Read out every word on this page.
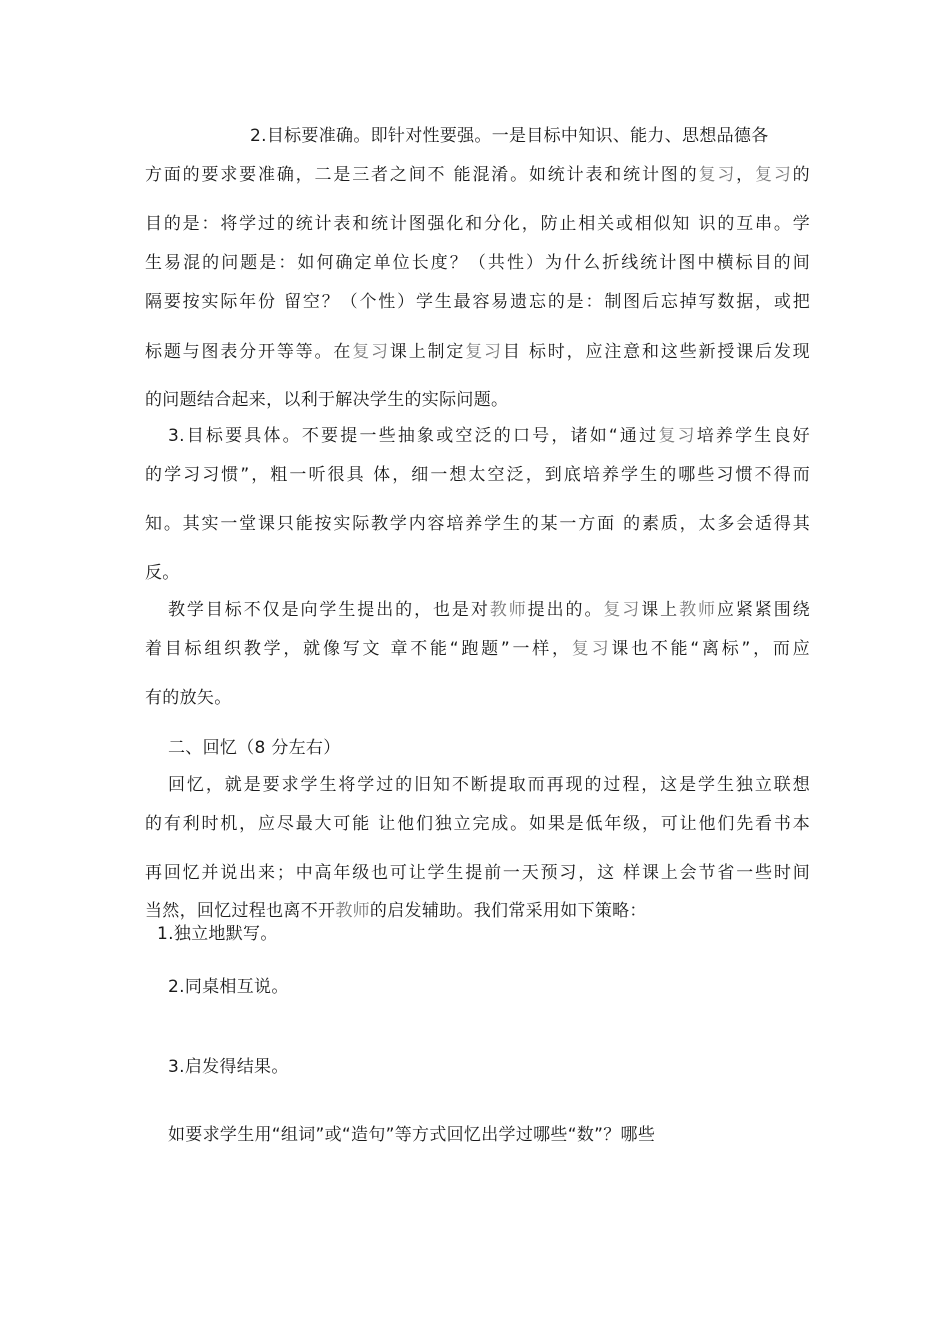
2.目标要准确。即针对性要强。一是目标中知识、能力、思想品德各
方面的要求要准确，二是三者之间不 能混淆。如统计表和统计图的复习，复习的
目的是：将学过的统计表和统计图强化和分化，防止相关或相似知 识的互串。学
生易混的问题是：如何确定单位长度？（共性）为什么折线统计图中横标目的间
隔要按实际年份 留空？（个性）学生最容易遗忘的是：制图后忘掉写数据，或把
标题与图表分开等等。在复习课上制定复习目 标时，应注意和这些新授课后发现
的问题结合起来，以利于解决学生的实际问题。
3.目标要具体。不要提一些抽象或空泛的口号，诸如“通过复习培养学生良好
的学习习惯”，粗一听很具 体，细一想太空泛，到底培养学生的哪些习惯不得而
知。其实一堂课只能按实际教学内容培养学生的某一方面 的素质，太多会适得其
反。
教学目标不仅是向学生提出的，也是对教师提出的。复习课上教师应紧紧围绕
着目标组织教学，就像写文 章不能“跑题”一样，复习课也不能“离标”，而应
有的放矢。
二、回忆（8 分左右）
回忆，就是要求学生将学过的旧知不断提取而再现的过程，这是学生独立联想
的有利时机，应尽最大可能 让他们独立完成。如果是低年级，可让他们先看书本
再回忆并说出来；中高年级也可让学生提前一天预习，这 样课上会节省一些时间
当然，回忆过程也离不开教师的启发辅助。我们常采用如下策略：
1.独立地默写。
2.同桌相互说。
3.启发得结果。
如要求学生用“组词”或“造句”等方式回忆出学过哪些“数”？哪些
